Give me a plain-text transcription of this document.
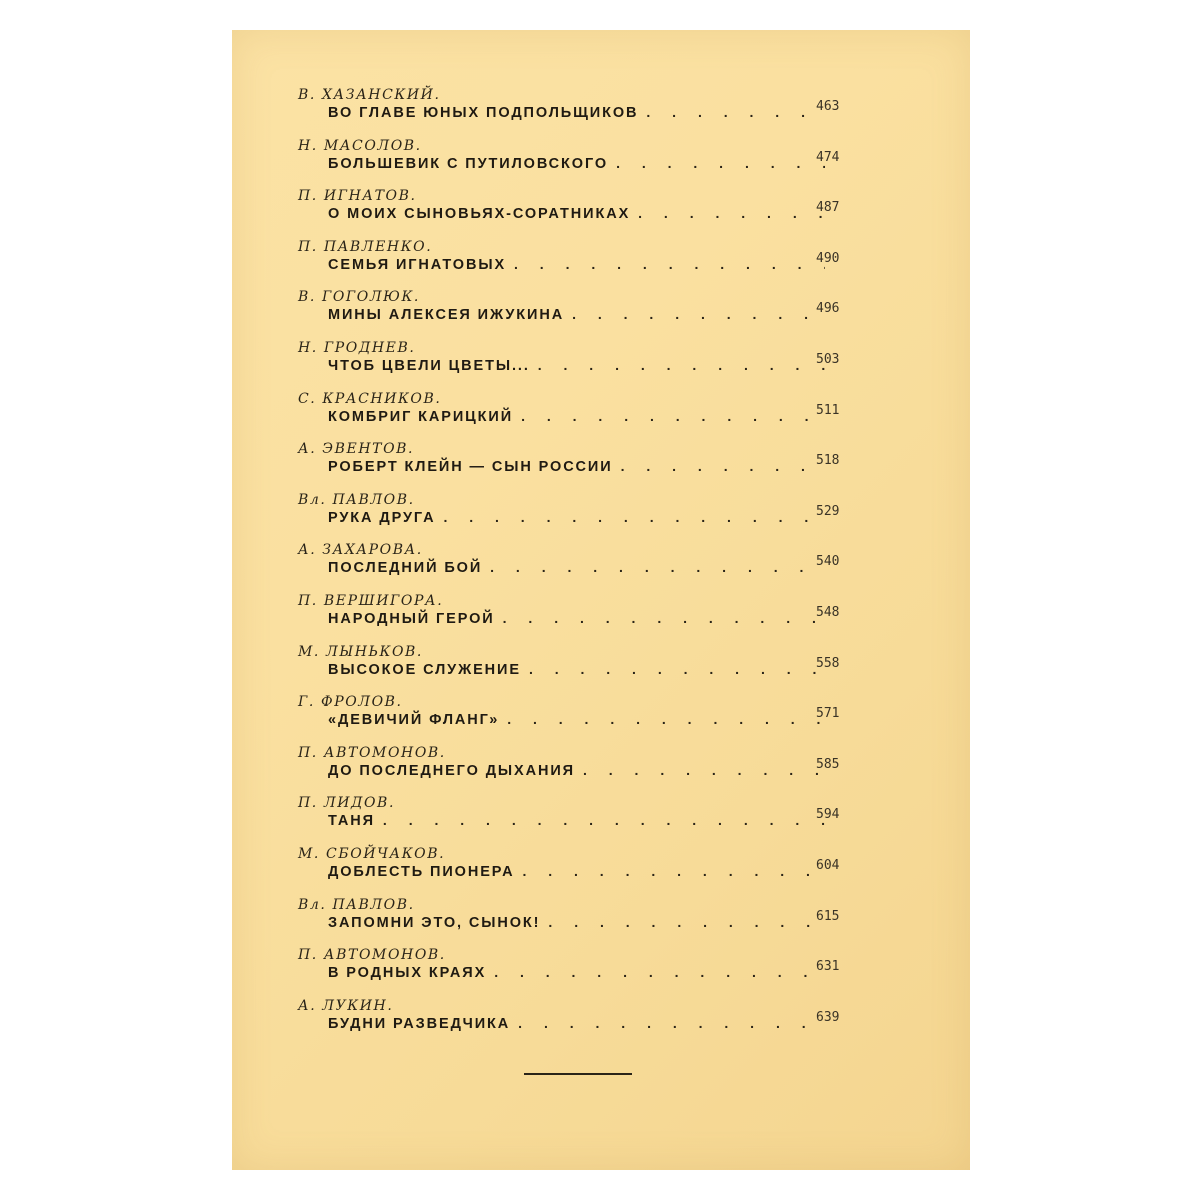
В. ХАЗАНСКИЙ.
ВО ГЛАВЕ ЮНЫХ ПОДПОЛЬЩИКОВ . . .	463
Н. МАСОЛОВ.
БОЛЬШЕВИК С ПУТИЛОВСКОГО . . .	474
П. ИГНАТОВ.
О МОИХ СЫНОВЬЯХ-СОРАТНИКАХ . . .	487
П. ПАВЛЕНКО.
СЕМЬЯ ИГНАТОВЫХ . . .	490
В. ГОГОЛЮК.
МИНЫ АЛЕКСЕЯ ИЖУКИНА . . .	496
Н. ГРОДНЕВ.
ЧТОБ ЦВЕЛИ ЦВЕТЫ... . . .	503
С. КРАСНИКОВ.
КОМБРИГ КАРИЦКИЙ . . .	511
А. ЭВЕНТОВ.
РОБЕРТ КЛЕЙН — СЫН РОССИИ . . .	518
Вл. ПАВЛОВ.
РУКА ДРУГА . . .	529
А. ЗАХАРОВА.
ПОСЛЕДНИЙ БОЙ . . .	540
П. ВЕРШИГОРА.
НАРОДНЫЙ ГЕРОЙ . . .	548
М. ЛЫНЬКОВ.
ВЫСОКОЕ СЛУЖЕНИЕ . . .	558
Г. ФРОЛОВ.
«ДЕВИЧИЙ ФЛАНГ» . . .	571
П. АВТОМОНОВ.
ДО ПОСЛЕДНЕГО ДЫХАНИЯ . . .	585
П. ЛИДОВ.
ТАНЯ . . .	594
М. СБОЙЧАКОВ.
ДОБЛЕСТЬ ПИОНЕРА . . .	604
Вл. ПАВЛОВ.
ЗАПОМНИ ЭТО, СЫНОК! . . .	615
П. АВТОМОНОВ.
В РОДНЫХ КРАЯХ . . .	631
А. ЛУКИН.
БУДНИ РАЗВЕДЧИКА . . .	639
